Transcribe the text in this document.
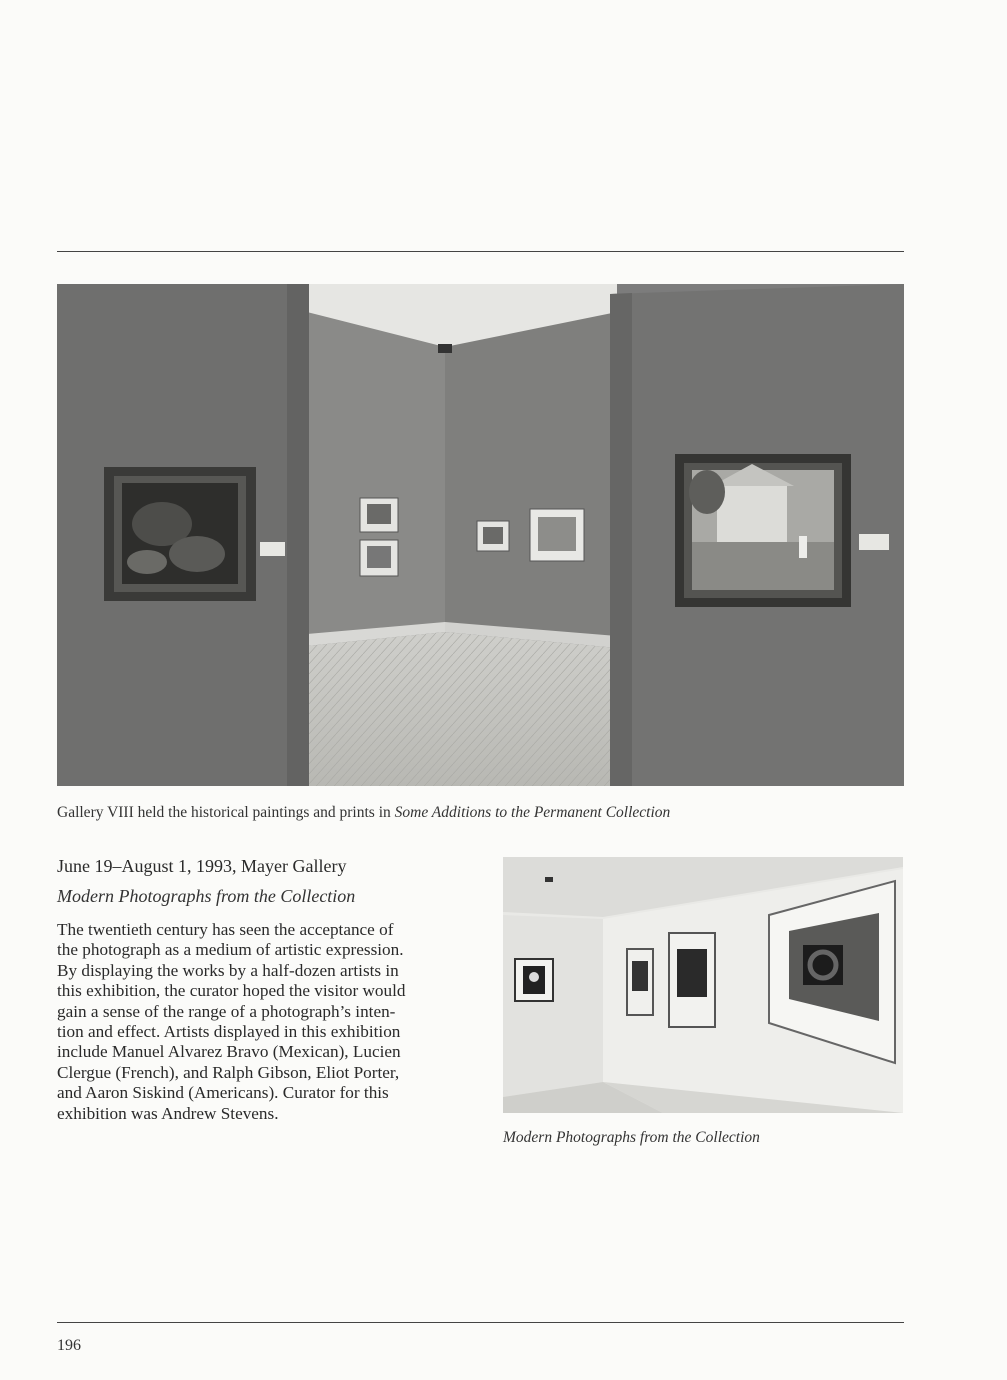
Gallery VIII held the historical paintings and prints in Some Additions to the Permanent Collection
June 19–August 1, 1993, Mayer Gallery
Modern Photographs from the Collection
The twentieth century has seen the acceptance of
the photograph as a medium of artistic expression.
By displaying the works by a half-dozen artists in
this exhibition, the curator hoped the visitor would
gain a sense of the range of a photograph’s inten-
tion and effect. Artists displayed in this exhibition
include Manuel Alvarez Bravo (Mexican), Lucien
Clergue (French), and Ralph Gibson, Eliot Porter,
and Aaron Siskind (Americans). Curator for this
exhibition was Andrew Stevens.
Modern Photographs from the Collection
196
